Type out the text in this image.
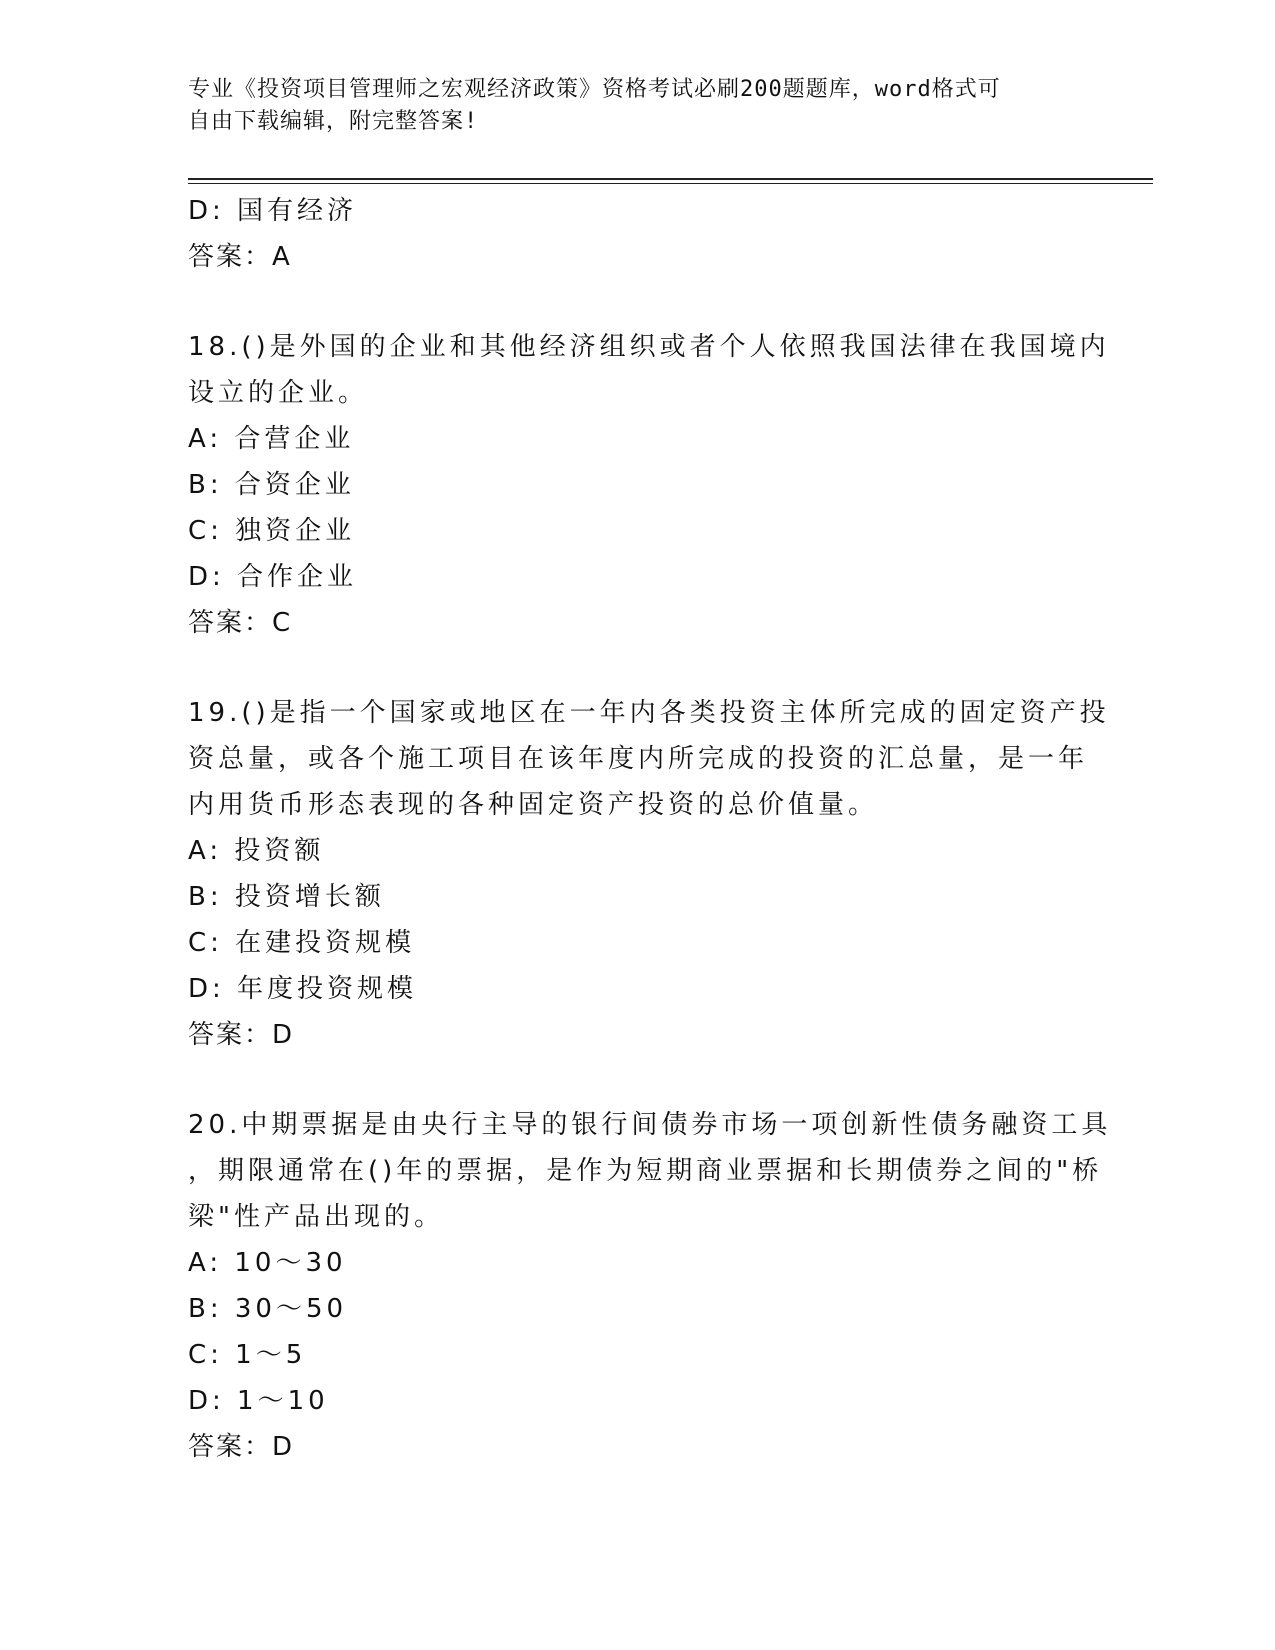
专业《投资项目管理师之宏观经济政策》资格考试必刷200题题库，word格式可
自由下载编辑，附完整答案!
D: 国有经济
答案：A
18.()是外国的企业和其他经济组织或者个人依照我国法律在我国境内
设立的企业。
A: 合营企业
B: 合资企业
C: 独资企业
D: 合作企业
答案：C
19.()是指一个国家或地区在一年内各类投资主体所完成的固定资产投
资总量，或各个施工项目在该年度内所完成的投资的汇总量，是一年
内用货币形态表现的各种固定资产投资的总价值量。
A: 投资额
B: 投资增长额
C: 在建投资规模
D: 年度投资规模
答案：D
20.中期票据是由央行主导的银行间债券市场一项创新性债务融资工具
，期限通常在()年的票据，是作为短期商业票据和长期债券之间的"桥
梁"性产品出现的。
A: 10～30
B: 30～50
C: 1～5
D: 1～10
答案：D
